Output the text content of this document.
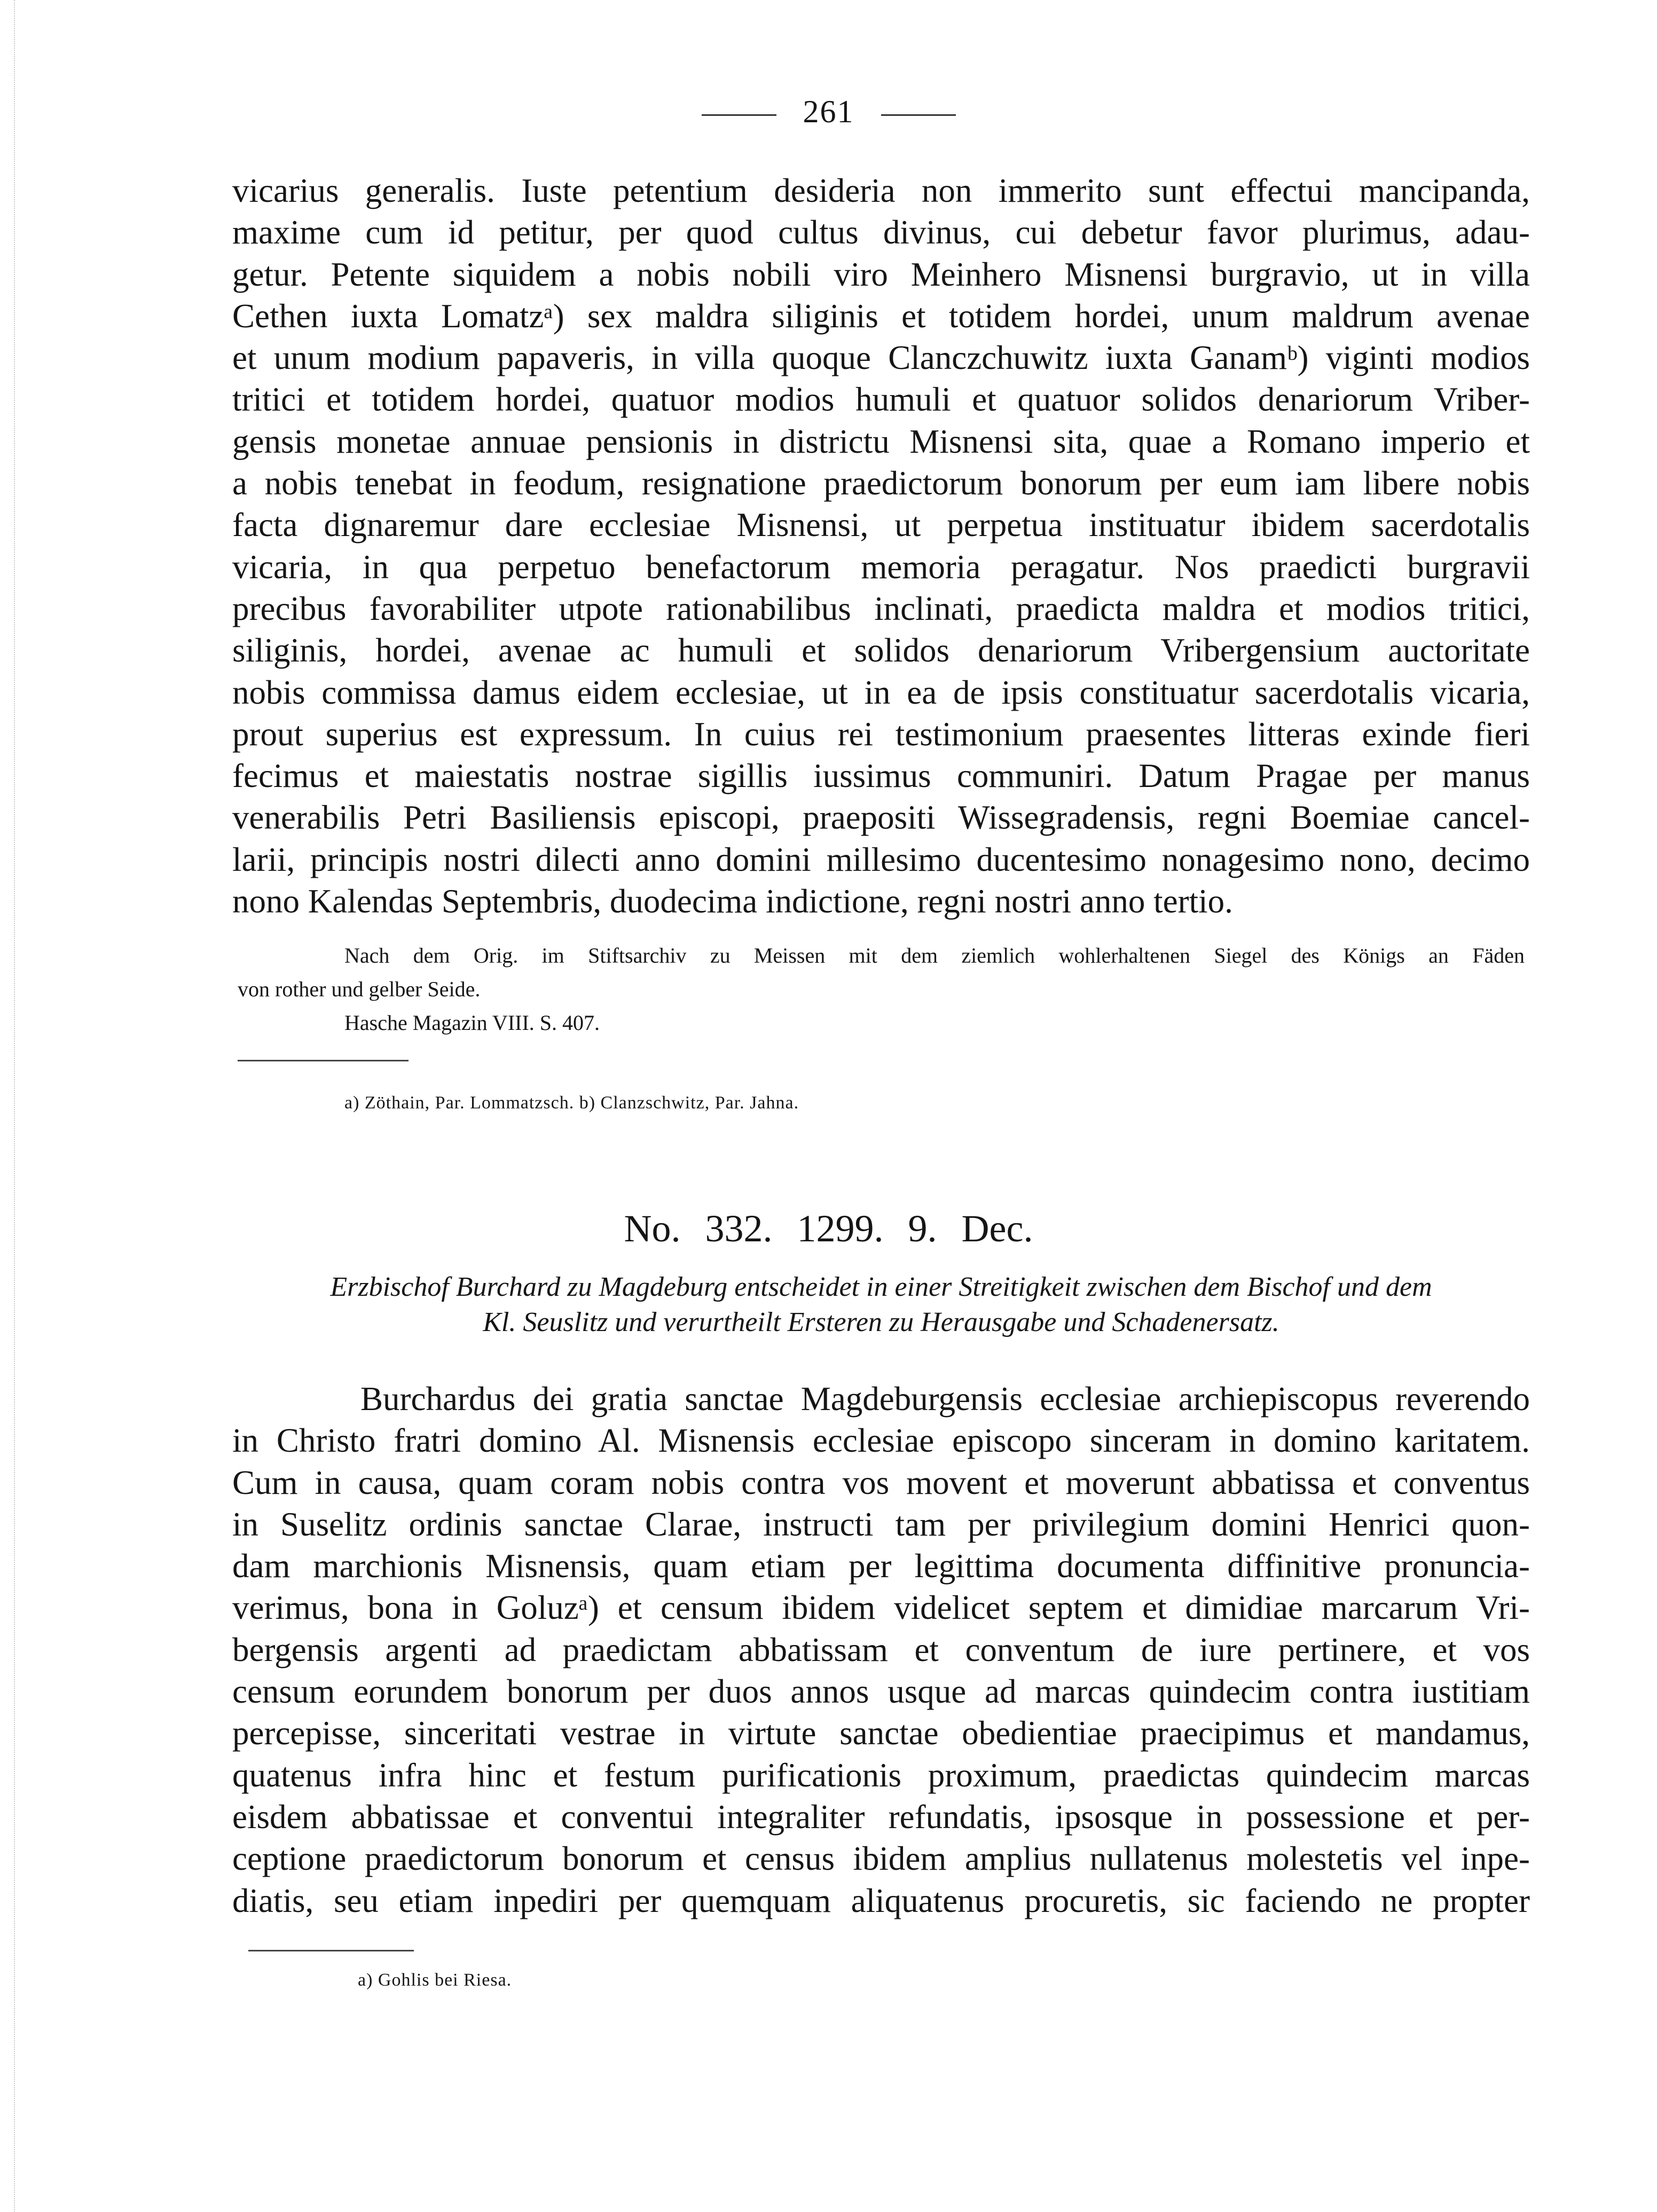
261
vicarius generalis. Iuste petentium desideria non immerito sunt effectui mancipanda,
maxime cum id petitur, per quod cultus divinus, cui debetur favor plurimus, adau-
getur. Petente siquidem a nobis nobili viro Meinhero Misnensi burgravio, ut in villa
Cethen iuxta Lomatzᵃ) sex maldra siliginis et totidem hordei, unum maldrum avenae
et unum modium papaveris, in villa quoque Clanczchuwitz iuxta Ganamᵇ) viginti modios
tritici et totidem hordei, quatuor modios humuli et quatuor solidos denariorum Vriber-
gensis monetae annuae pensionis in districtu Misnensi sita, quae a Romano imperio et
a nobis tenebat in feodum, resignatione praedictorum bonorum per eum iam libere nobis
facta dignaremur dare ecclesiae Misnensi, ut perpetua instituatur ibidem sacerdotalis
vicaria, in qua perpetuo benefactorum memoria peragatur. Nos praedicti burgravii
precibus favorabiliter utpote rationabilibus inclinati, praedicta maldra et modios tritici,
siliginis, hordei, avenae ac humuli et solidos denariorum Vribergensium auctoritate
nobis commissa damus eidem ecclesiae, ut in ea de ipsis constituatur sacerdotalis vicaria,
prout superius est expressum. In cuius rei testimonium praesentes litteras exinde fieri
fecimus et maiestatis nostrae sigillis iussimus communiri. Datum Pragae per manus
venerabilis Petri Basiliensis episcopi, praepositi Wissegradensis, regni Boemiae cancel-
larii, principis nostri dilecti anno domini millesimo ducentesimo nonagesimo nono, decimo
nono Kalendas Septembris, duodecima indictione, regni nostri anno tertio.
Nach dem Orig. im Stiftsarchiv zu Meissen mit dem ziemlich wohlerhaltenen Siegel des Königs an Fäden
von rother und gelber Seide.
Hasche Magazin VIII. S. 407.
a) Zöthain, Par. Lommatzsch. b) Clanzschwitz, Par. Jahna.
No. 332. 1299. 9. Dec.
Erzbischof Burchard zu Magdeburg entscheidet in einer Streitigkeit zwischen dem Bischof und dem
Kl. Seuslitz und verurtheilt Ersteren zu Herausgabe und Schadenersatz.
Burchardus dei gratia sanctae Magdeburgensis ecclesiae archiepiscopus reverendo
in Christo fratri domino Al. Misnensis ecclesiae episcopo sinceram in domino karitatem.
Cum in causa, quam coram nobis contra vos movent et moverunt abbatissa et conventus
in Suselitz ordinis sanctae Clarae, instructi tam per privilegium domini Henrici quon-
dam marchionis Misnensis, quam etiam per legittima documenta diffinitive pronuncia-
verimus, bona in Goluzᵃ) et censum ibidem videlicet septem et dimidiae marcarum Vri-
bergensis argenti ad praedictam abbatissam et conventum de iure pertinere, et vos
censum eorundem bonorum per duos annos usque ad marcas quindecim contra iustitiam
percepisse, sinceritati vestrae in virtute sanctae obedientiae praecipimus et mandamus,
quatenus infra hinc et festum purificationis proximum, praedictas quindecim marcas
eisdem abbatissae et conventui integraliter refundatis, ipsosque in possessione et per-
ceptione praedictorum bonorum et census ibidem amplius nullatenus molestetis vel inpe-
diatis, seu etiam inpediri per quemquam aliquatenus procuretis, sic faciendo ne propter
a) Gohlis bei Riesa.
